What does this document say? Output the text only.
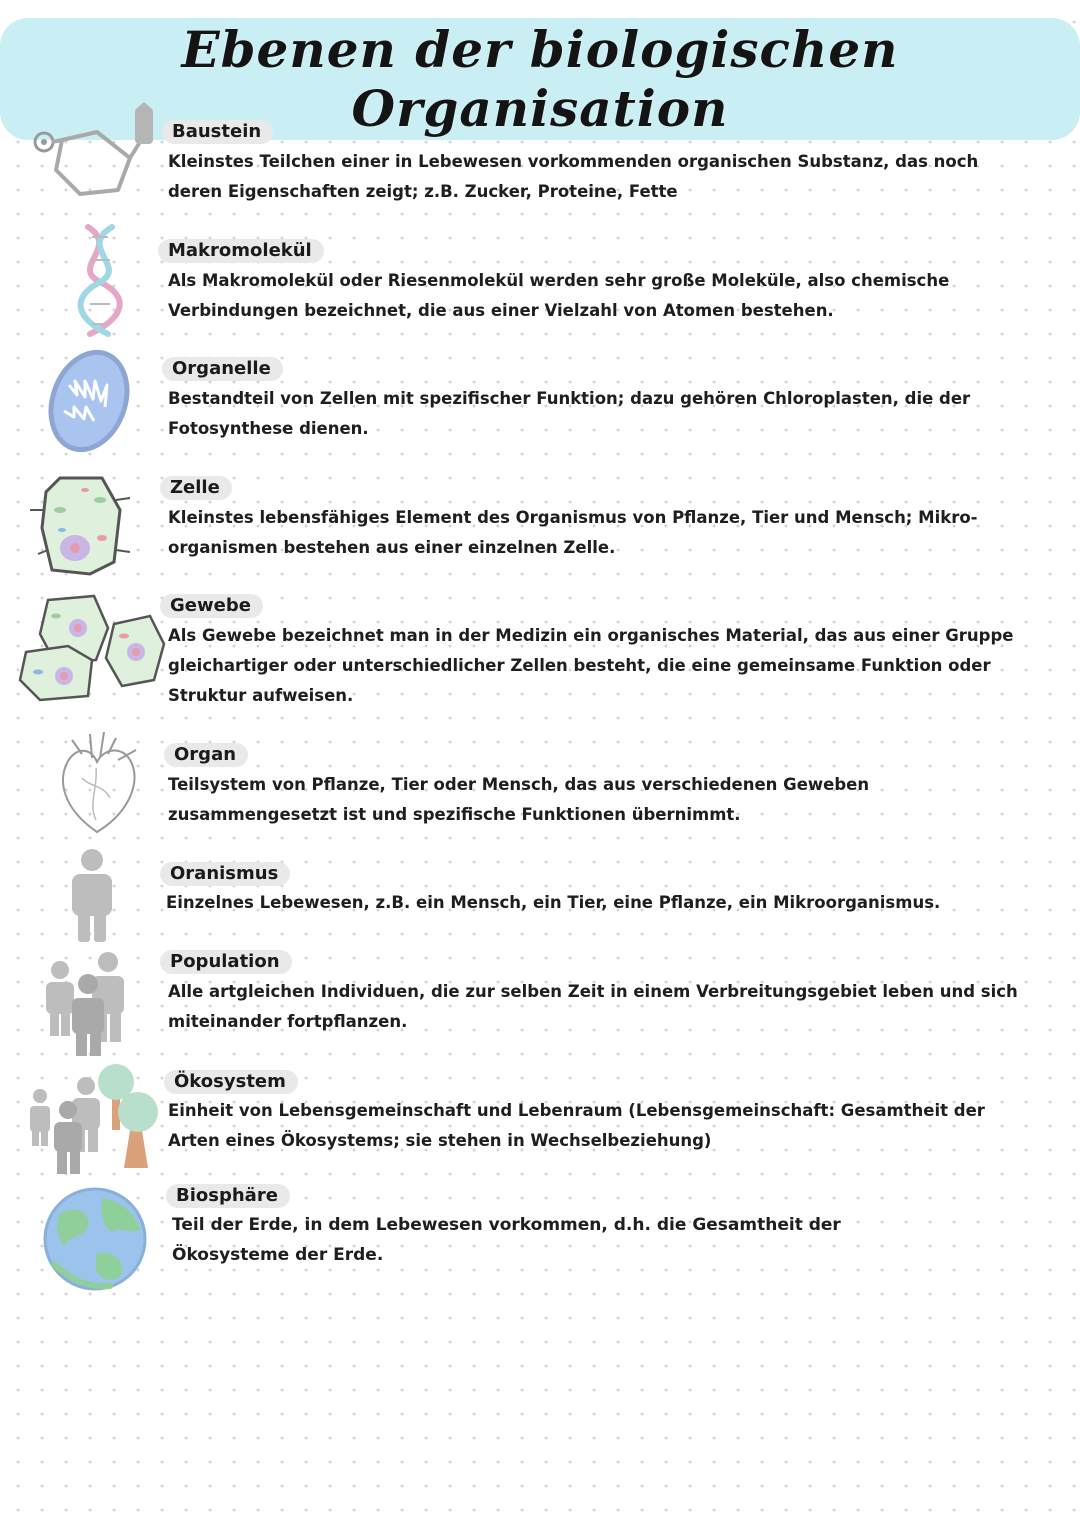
Ebenen der biologischen Organisation
Baustein
Kleinstes Teilchen einer in Lebewesen vorkommenden organischen Substanz, das noch deren Eigenschaften zeigt; z.B. Zucker, Proteine, Fette
Makromolekül
Als Makromolekül oder Riesenmolekül werden sehr große Moleküle, also chemische Verbindungen bezeichnet, die aus einer Vielzahl von Atomen bestehen.
Organelle
Bestandteil von Zellen mit spezifischer Funktion; dazu gehören Chloroplasten, die der Fotosynthese dienen.
Zelle
Kleinstes lebensfähiges Element des Organismus von Pflanze, Tier und Mensch; Mikro-organismen bestehen aus einer einzelnen Zelle.
Gewebe
Als Gewebe bezeichnet man in der Medizin ein organisches Material, das aus einer Gruppe gleichartiger oder unterschiedlicher Zellen besteht, die eine gemeinsame Funktion oder Struktur aufweisen.
Organ
Teilsystem von Pflanze, Tier oder Mensch, das aus verschiedenen Geweben zusammengesetzt ist und spezifische Funktionen übernimmt.
Oranismus
Einzelnes Lebewesen, z.B. ein Mensch, ein Tier, eine Pflanze, ein Mikroorganismus.
Population
Alle artgleichen Individuen, die zur selben Zeit in einem Verbreitungsgebiet leben und sich miteinander fortpflanzen.
Ökosystem
Einheit von Lebensgemeinschaft und Lebenraum (Lebensgemeinschaft: Gesamtheit der Arten eines Ökosystems; sie stehen in Wechselbeziehung)
Biosphäre
Teil der Erde, in dem Lebewesen vorkommen, d.h. die Gesamtheit der Ökosysteme der Erde.
